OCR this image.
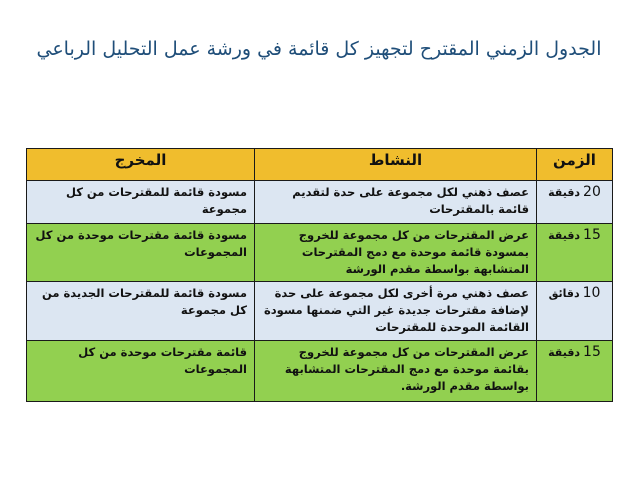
الجدول الزمني المقترح لتجهيز كل قائمة في ورشة عمل التحليل الرباعي
الزمن	النشاط	المخرج
20دقيقة	عصف ذهني لكل مجموعة على حدة لتقديم قائمة بالمقترحات	مسودة قائمة للمقترحات من كل مجموعة
15دقيقة	عرض المقترحات من كل مجموعة للخروج بمسودة قائمة موحدة مع دمج المقترحات المتشابهة بواسطة مقدم الورشة	مسودة قائمة مقترحات موحدة من كل المجموعات
10دقائق	عصف ذهني مرة أخرى لكل مجموعة على حدة لإضافة مقترحات جديدة غير التي ضمنها مسودة القائمة الموحدة للمقترحات	مسودة قائمة للمقترحات الجديدة من كل مجموعة
15دقيقة	عرض المقترحات من كل مجموعة للخروج بقائمة موحدة مع دمج المقترحات المتشابهة بواسطة مقدم الورشة.	قائمة مقترحات موحدة من كل المجموعات
